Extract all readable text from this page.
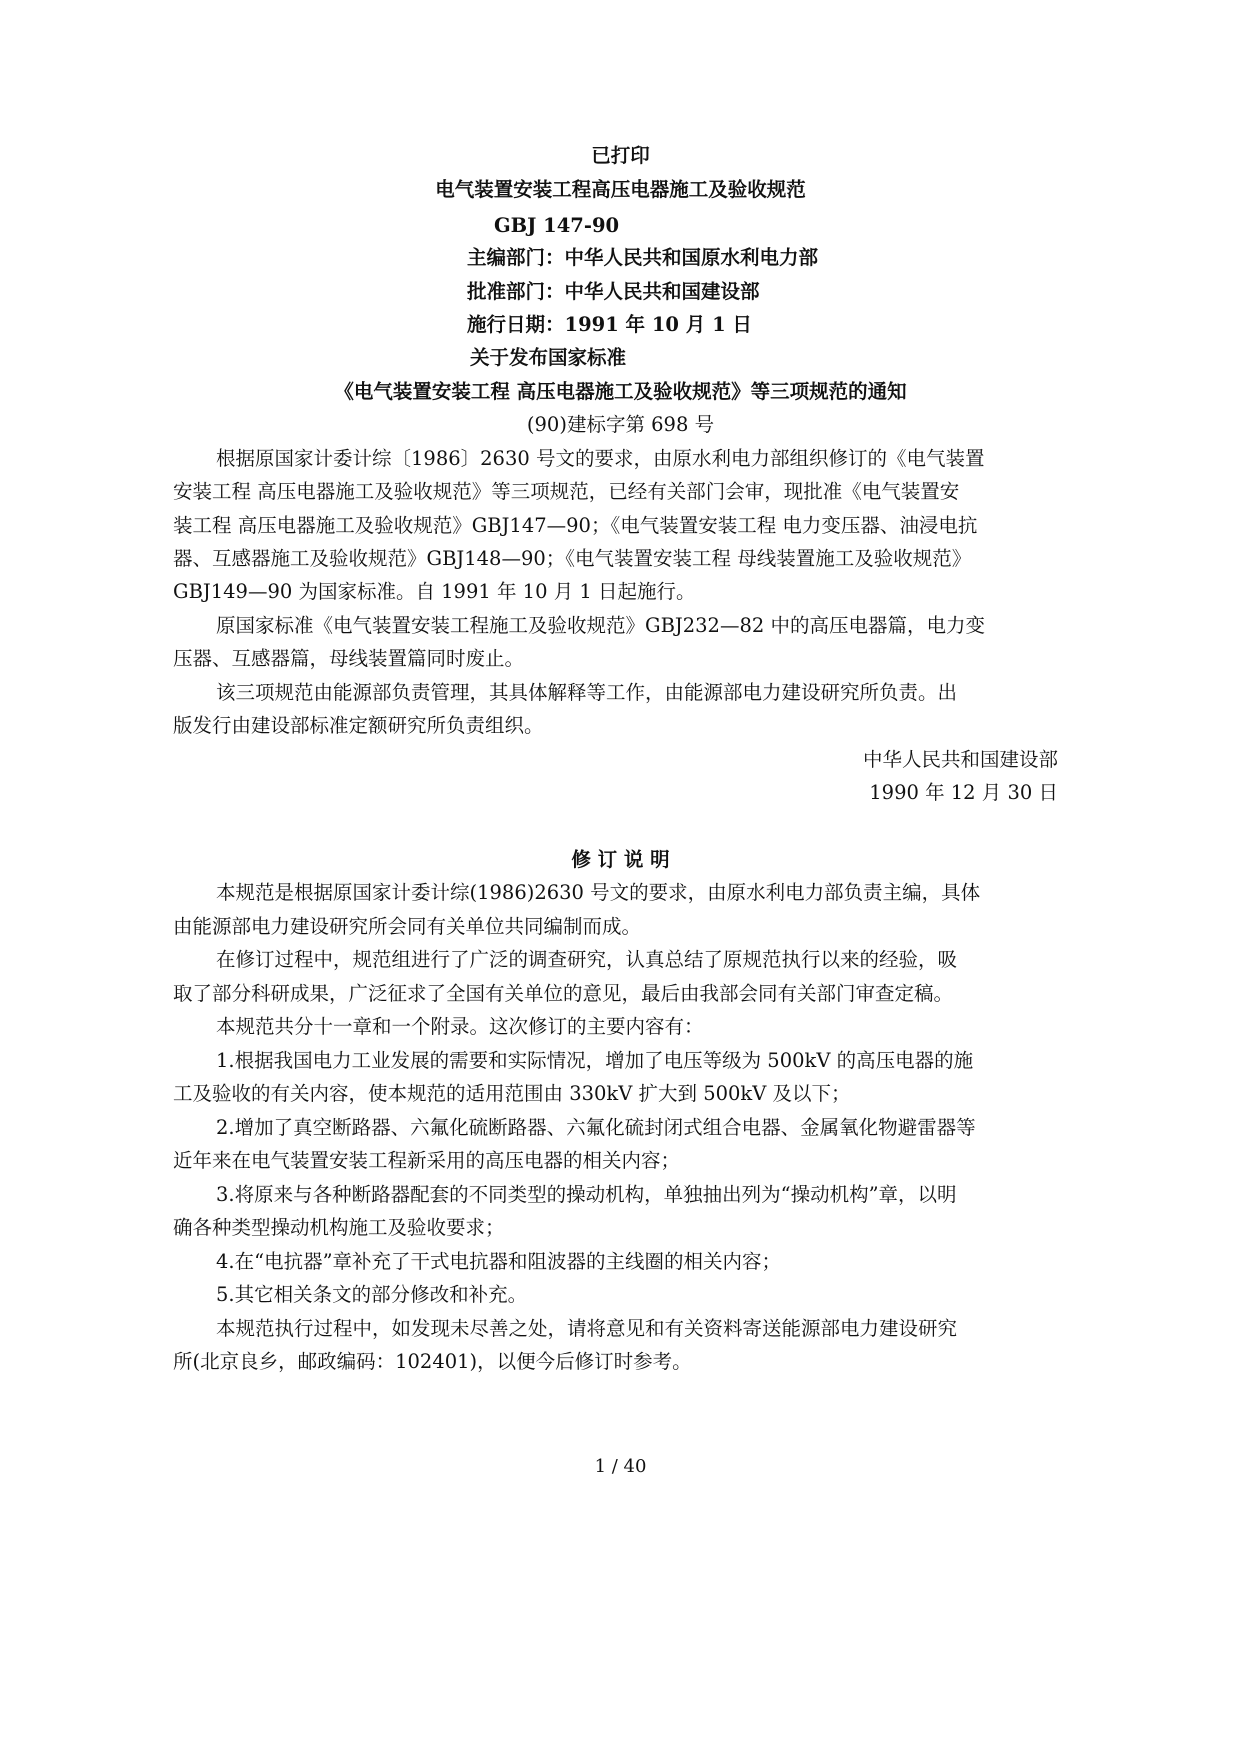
已打印
电气装置安装工程高压电器施工及验收规范
GBJ 147-90
主编部门：中华人民共和国原水利电力部
批准部门：中华人民共和国建设部
施行日期：1991 年 10 月 1 日
关于发布国家标准
《电气装置安装工程 高压电器施工及验收规范》等三项规范的通知
(90)建标字第 698 号
根据原国家计委计综〔1986〕2630 号文的要求，由原水利电力部组织修订的《电气装置
安装工程 高压电器施工及验收规范》等三项规范，已经有关部门会审，现批准《电气装置安
装工程 高压电器施工及验收规范》GBJ147—90；《电气装置安装工程 电力变压器、油浸电抗
器、互感器施工及验收规范》GBJ148—90；《电气装置安装工程 母线装置施工及验收规范》
GBJ149—90 为国家标准。自 1991 年 10 月 1 日起施行。
原国家标准《电气装置安装工程施工及验收规范》GBJ232—82 中的高压电器篇，电力变
压器、互感器篇，母线装置篇同时废止。
该三项规范由能源部负责管理，其具体解释等工作，由能源部电力建设研究所负责。出
版发行由建设部标准定额研究所负责组织。
中华人民共和国建设部
1990 年 12 月 30 日
修 订 说 明
本规范是根据原国家计委计综(1986)2630 号文的要求，由原水利电力部负责主编，具体
由能源部电力建设研究所会同有关单位共同编制而成。
在修订过程中，规范组进行了广泛的调查研究，认真总结了原规范执行以来的经验，吸
取了部分科研成果，广泛征求了全国有关单位的意见，最后由我部会同有关部门审查定稿。
本规范共分十一章和一个附录。这次修订的主要内容有：
1.根据我国电力工业发展的需要和实际情况，增加了电压等级为 500kV 的高压电器的施
工及验收的有关内容，使本规范的适用范围由 330kV 扩大到 500kV 及以下；
2.增加了真空断路器、六氟化硫断路器、六氟化硫封闭式组合电器、金属氧化物避雷器等
近年来在电气装置安装工程新采用的高压电器的相关内容；
3.将原来与各种断路器配套的不同类型的操动机构，单独抽出列为“操动机构”章，以明
确各种类型操动机构施工及验收要求；
4.在“电抗器”章补充了干式电抗器和阻波器的主线圈的相关内容；
5.其它相关条文的部分修改和补充。
本规范执行过程中，如发现未尽善之处，请将意见和有关资料寄送能源部电力建设研究
所(北京良乡，邮政编码：102401)，以便今后修订时参考。
1 / 40
